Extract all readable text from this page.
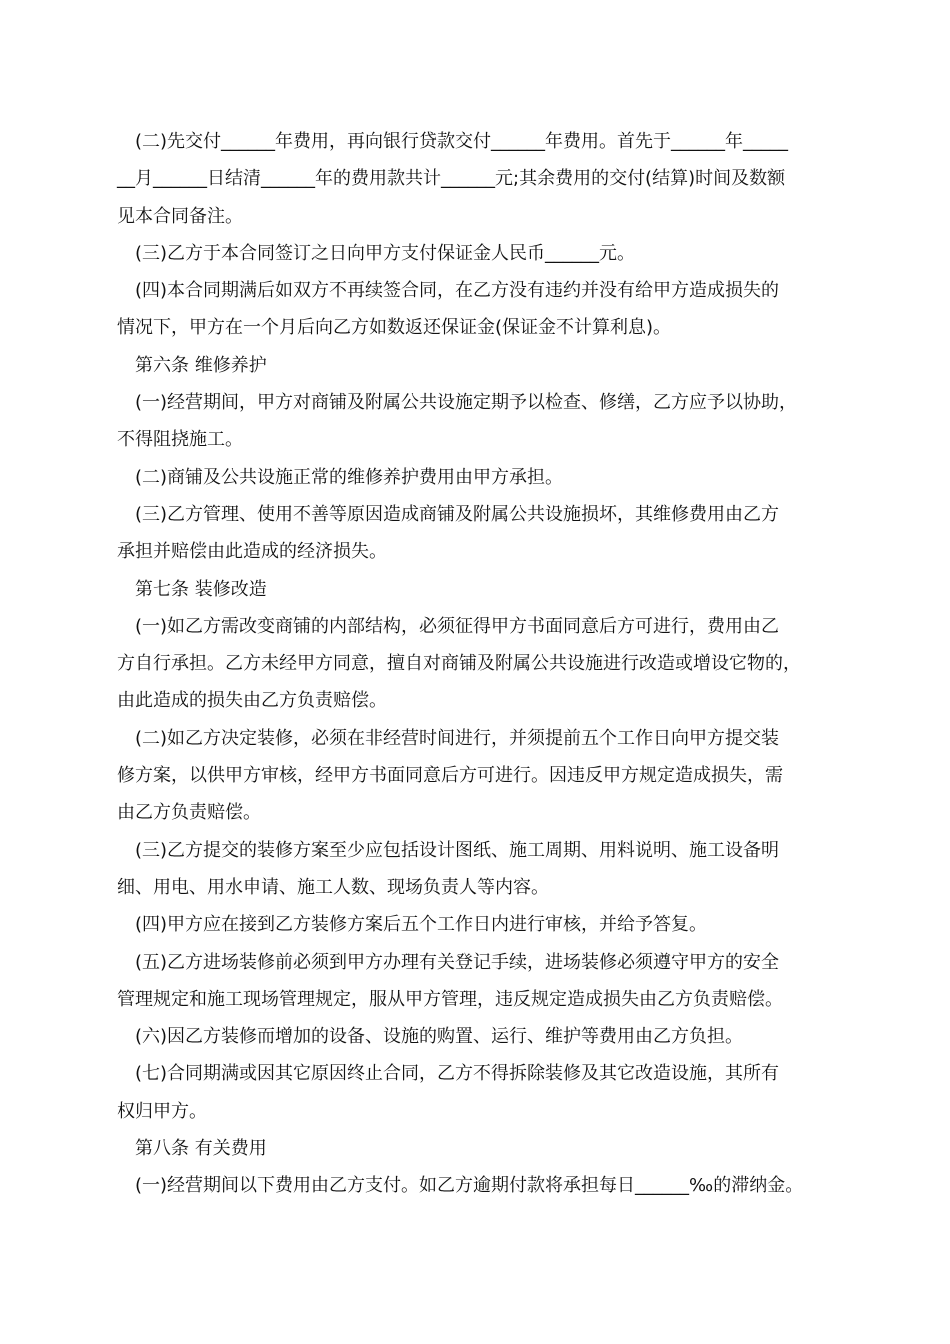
(二)先交付______年费用，再向银行贷款交付______年费用。首先于______年_____
__月______日结清______年的费用款共计______元;其余费用的交付(结算)时间及数额
见本合同备注。
(三)乙方于本合同签订之日向甲方支付保证金人民币______元。
(四)本合同期满后如双方不再续签合同，在乙方没有违约并没有给甲方造成损失的
情况下，甲方在一个月后向乙方如数返还保证金(保证金不计算利息)。
第六条 维修养护
(一)经营期间，甲方对商铺及附属公共设施定期予以检查、修缮，乙方应予以协助，
不得阻挠施工。
(二)商铺及公共设施正常的维修养护费用由甲方承担。
(三)乙方管理、使用不善等原因造成商铺及附属公共设施损坏，其维修费用由乙方
承担并赔偿由此造成的经济损失。
第七条 装修改造
(一)如乙方需改变商铺的内部结构，必须征得甲方书面同意后方可进行，费用由乙
方自行承担。乙方未经甲方同意，擅自对商铺及附属公共设施进行改造或增设它物的，
由此造成的损失由乙方负责赔偿。
(二)如乙方决定装修，必须在非经营时间进行，并须提前五个工作日向甲方提交装
修方案，以供甲方审核，经甲方书面同意后方可进行。因违反甲方规定造成损失，需
由乙方负责赔偿。
(三)乙方提交的装修方案至少应包括设计图纸、施工周期、用料说明、施工设备明
细、用电、用水申请、施工人数、现场负责人等内容。
(四)甲方应在接到乙方装修方案后五个工作日内进行审核，并给予答复。
(五)乙方进场装修前必须到甲方办理有关登记手续，进场装修必须遵守甲方的安全
管理规定和施工现场管理规定，服从甲方管理，违反规定造成损失由乙方负责赔偿。
(六)因乙方装修而增加的设备、设施的购置、运行、维护等费用由乙方负担。
(七)合同期满或因其它原因终止合同，乙方不得拆除装修及其它改造设施，其所有
权归甲方。
第八条 有关费用
(一)经营期间以下费用由乙方支付。如乙方逾期付款将承担每日______‰的滞纳金。
